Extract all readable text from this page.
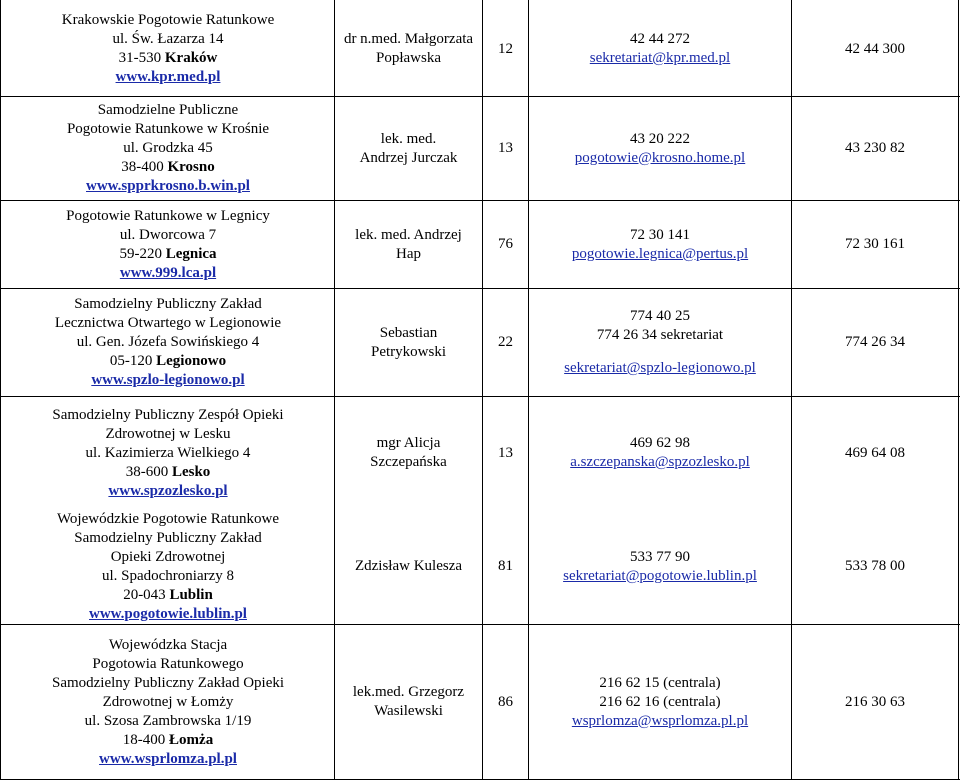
Krakowskie Pogotowie Ratunkowe
ul. Św. Łazarza 14
31-530 Kraków
www.kpr.med.pl
dr n.med. Małgorzata
Popławska
12
42 44 272
sekretariat@kpr.med.pl
42 44 300
Samodzielne Publiczne
Pogotowie Ratunkowe w Krośnie
ul. Grodzka 45
38-400 Krosno
www.spprkrosno.b.win.pl
lek. med.
Andrzej Jurczak
13
43 20 222
pogotowie@krosno.home.pl
43 230 82
Pogotowie Ratunkowe w Legnicy
ul. Dworcowa 7
59-220 Legnica
www.999.lca.pl
lek. med. Andrzej
Hap
76
72 30 141
pogotowie.legnica@pertus.pl
72 30 161
Samodzielny Publiczny Zakład
Lecznictwa Otwartego w Legionowie
ul. Gen. Józefa Sowińskiego 4
05-120 Legionowo
www.spzlo-legionowo.pl
Sebastian
Petrykowski
22
774 40 25
774 26 34 sekretariat
sekretariat@spzlo-legionowo.pl
774 26 34
Samodzielny Publiczny Zespół Opieki
Zdrowotnej w Lesku
ul. Kazimierza Wielkiego 4
38-600 Lesko
www.spzozlesko.pl
mgr Alicja
Szczepańska
13
469 62 98
a.szczepanska@spzozlesko.pl
469 64 08
Wojewódzkie Pogotowie Ratunkowe
Samodzielny Publiczny Zakład
Opieki Zdrowotnej
ul. Spadochroniarzy 8
20-043 Lublin
www.pogotowie.lublin.pl
Zdzisław Kulesza 81
533 77 90
sekretariat@pogotowie.lublin.pl
533 78 00
Wojewódzka Stacja
Pogotowia Ratunkowego
Samodzielny Publiczny Zakład Opieki
Zdrowotnej w Łomży
ul. Szosa Zambrowska 1/19
18-400 Łomża
www.wsprlomza.pl.pl
lek.med. Grzegorz
Wasilewski
86
216 62 15 (centrala)
216 62 16 (centrala)
wsprlomza@wsprlomza.pl.pl
216 30 63
